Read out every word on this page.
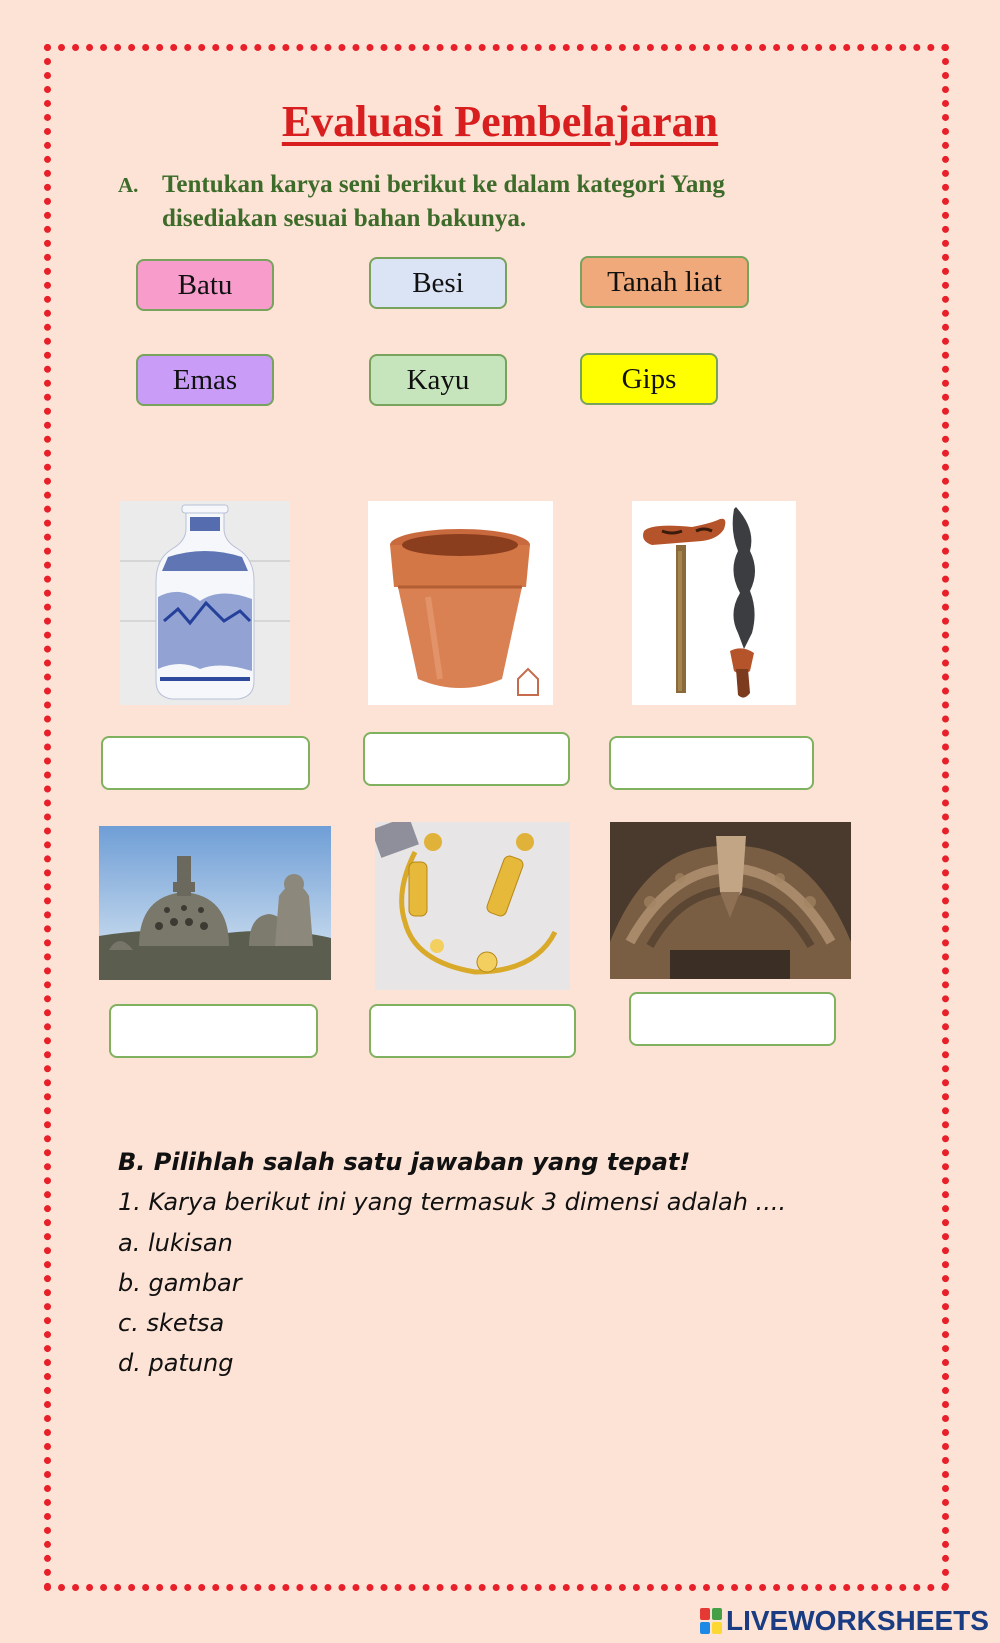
Evaluasi Pembelajaran
A. Tentukan karya seni berikut ke dalam kategori Yang disediakan sesuai bahan bakunya.
Batu	Besi	Tanah liat
Emas	Kayu	Gips

B. Pilihlah salah satu jawaban yang tepat!

1. Karya berikut ini yang termasuk 3 dimensi adalah ....

a. lukisan

b. gambar

c. sketsa

d. patung

LIVEWORKSHEETS
